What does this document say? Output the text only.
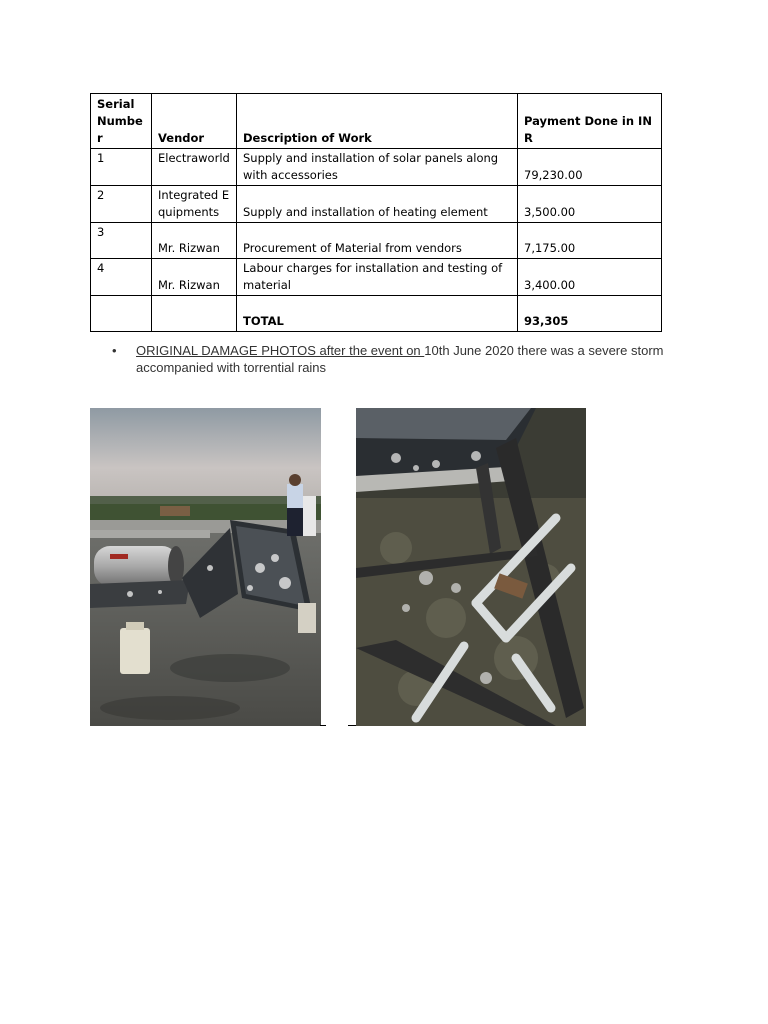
Serial Number	Vendor	Description of Work	Payment Done in INR
1	Electraworld	Supply and installation of solar panels along with accessories	79,230.00
2	Integrated Equipments	Supply and installation of heating element	3,500.00
3	Mr. Rizwan	Procurement of Material from vendors	7,175.00
4	Mr. Rizwan	Labour charges for installation and testing of material	3,400.00
		TOTAL	93,305
• ORIGINAL DAMAGE PHOTOS after the event on 10th June 2020 there was a severe storm accompanied with torrential rains
